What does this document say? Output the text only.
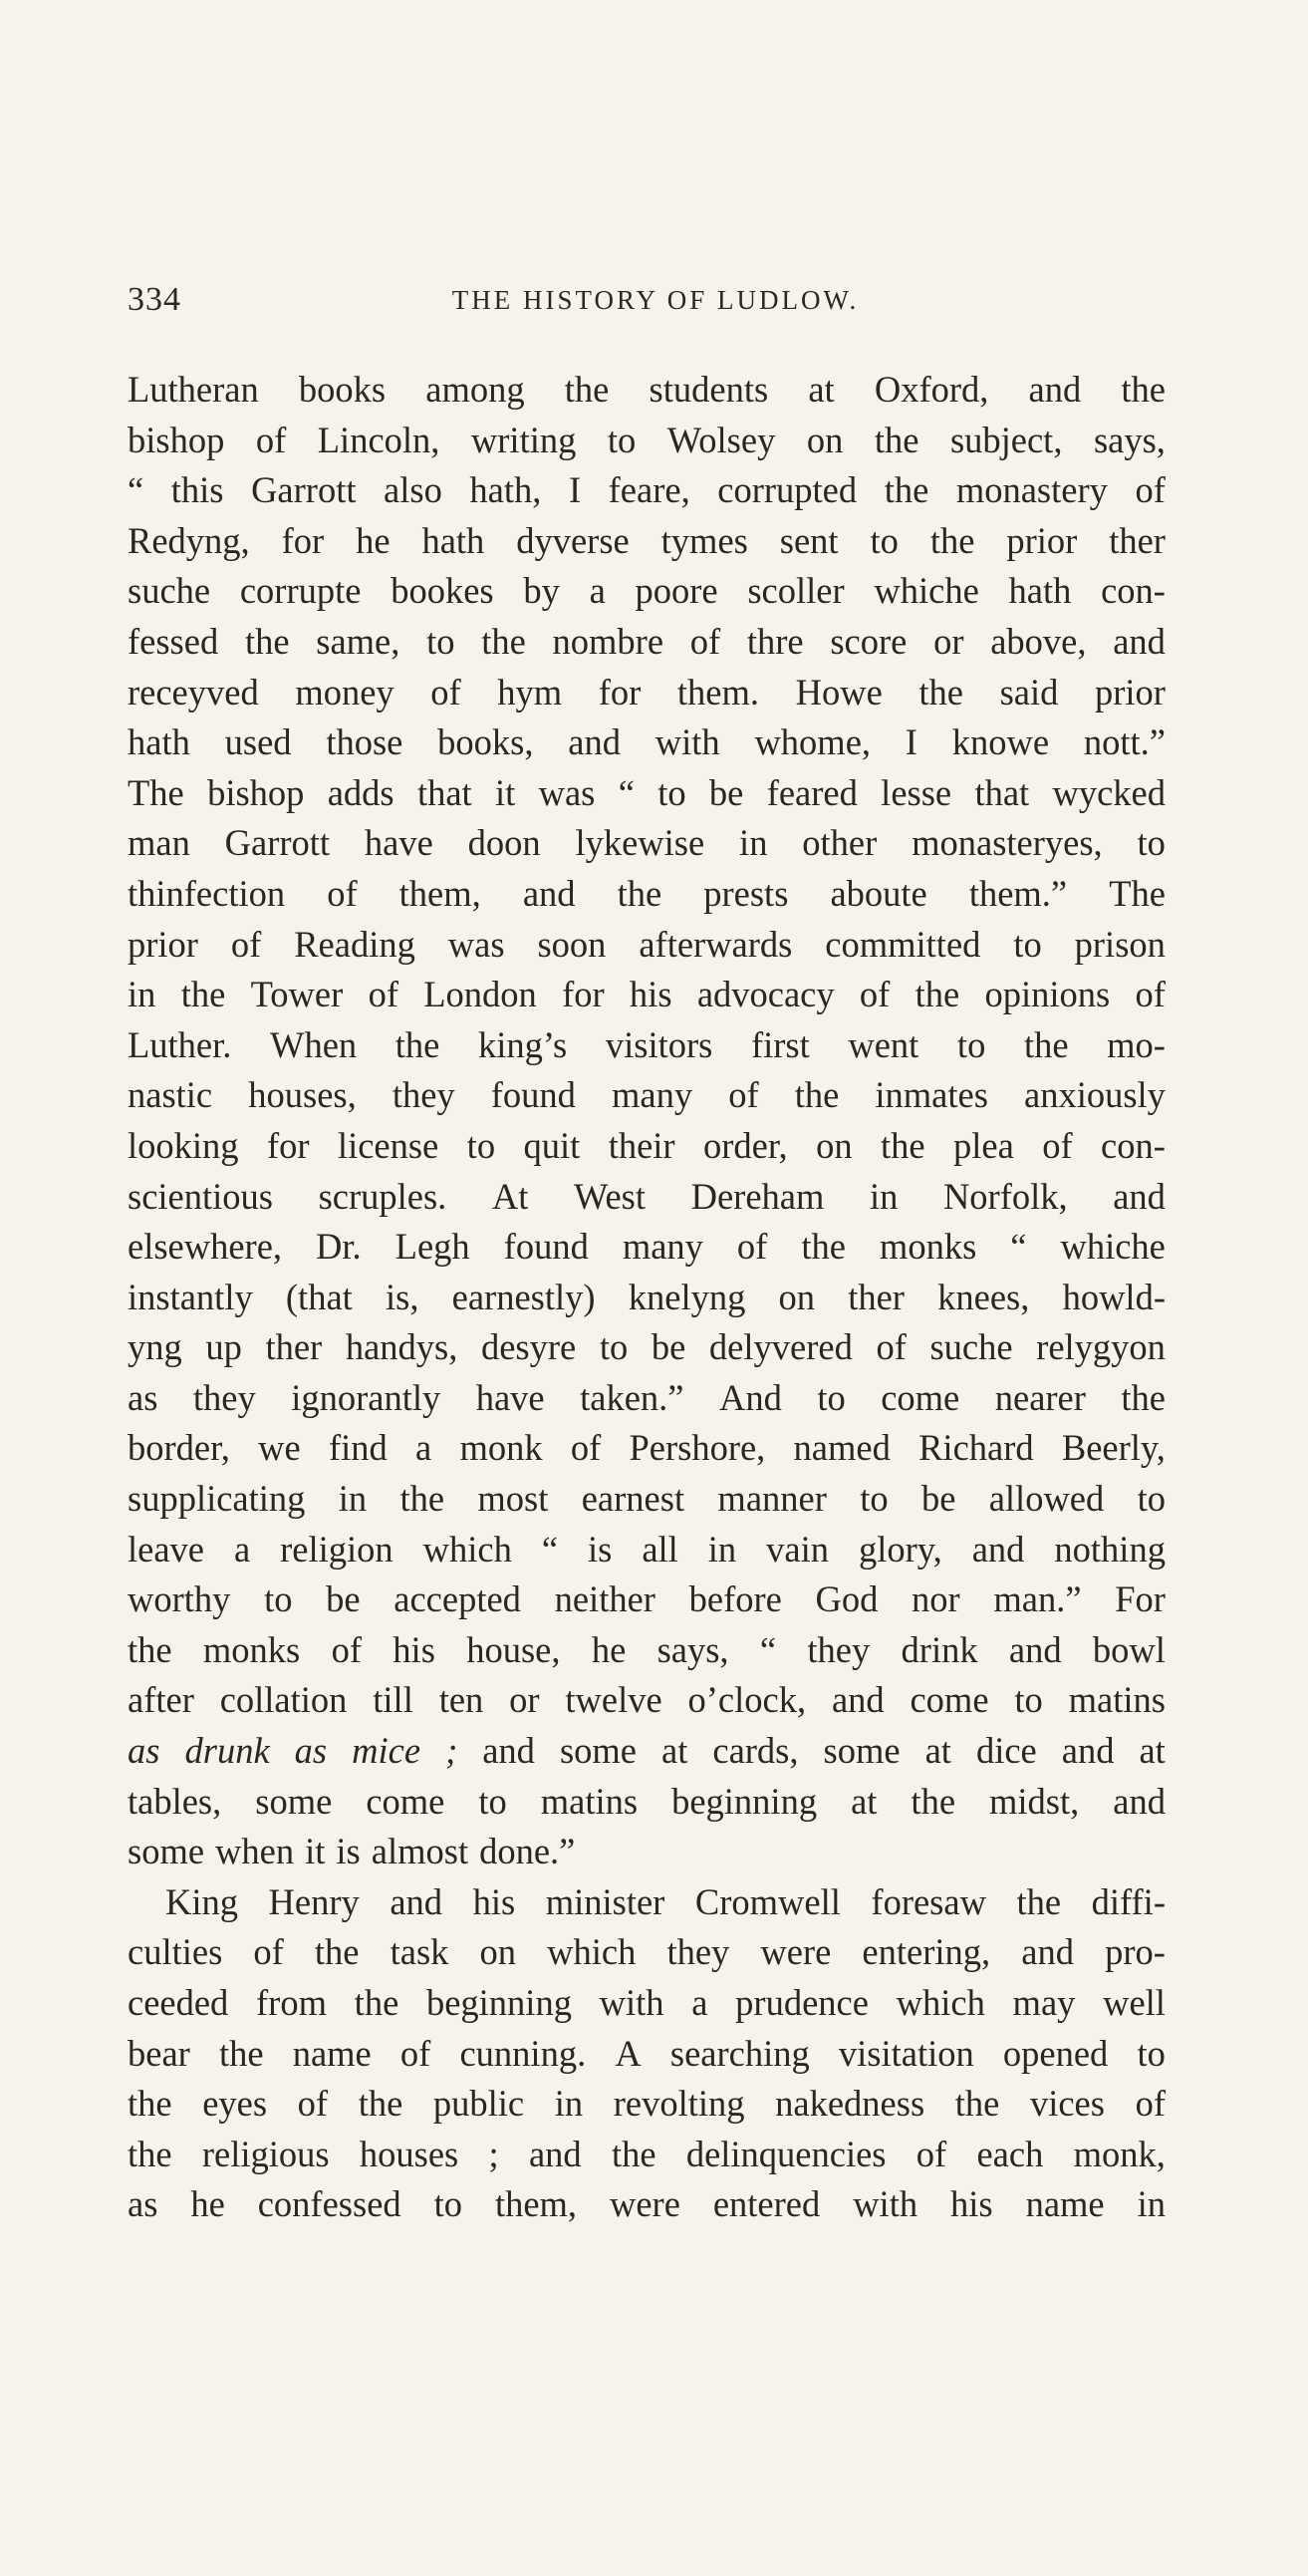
334	THE HISTORY OF LUDLOW.
Lutheran books among the students at Oxford, and the
bishop of Lincoln, writing to Wolsey on the subject, says,
“ this Garrott also hath, I feare, corrupted the monastery of
Redyng, for he hath dyverse tymes sent to the prior ther
suche corrupte bookes by a poore scoller whiche hath con-
fessed the same, to the nombre of thre score or above, and
receyved money of hym for them. Howe the said prior
hath used those books, and with whome, I knowe nott.”
The bishop adds that it was “ to be feared lesse that wycked
man Garrott have doon lykewise in other monasteryes, to
thinfection of them, and the prests aboute them.” The
prior of Reading was soon afterwards committed to prison
in the Tower of London for his advocacy of the opinions of
Luther. When the king’s visitors first went to the mo-
nastic houses, they found many of the inmates anxiously
looking for license to quit their order, on the plea of con-
scientious scruples. At West Dereham in Norfolk, and
elsewhere, Dr. Legh found many of the monks “ whiche
instantly (that is, earnestly) knelyng on ther knees, howld-
yng up ther handys, desyre to be delyvered of suche relygyon
as they ignorantly have taken.” And to come nearer the
border, we find a monk of Pershore, named Richard Beerly,
supplicating in the most earnest manner to be allowed to
leave a religion which “ is all in vain glory, and nothing
worthy to be accepted neither before God nor man.” For
the monks of his house, he says, “ they drink and bowl
after collation till ten or twelve o’clock, and come to matins
as drunk as mice ; and some at cards, some at dice and at
tables, some come to matins beginning at the midst, and
some when it is almost done.”
King Henry and his minister Cromwell foresaw the diffi-
culties of the task on which they were entering, and pro-
ceeded from the beginning with a prudence which may well
bear the name of cunning. A searching visitation opened to
the eyes of the public in revolting nakedness the vices of
the religious houses ; and the delinquencies of each monk,
as he confessed to them, were entered with his name in
